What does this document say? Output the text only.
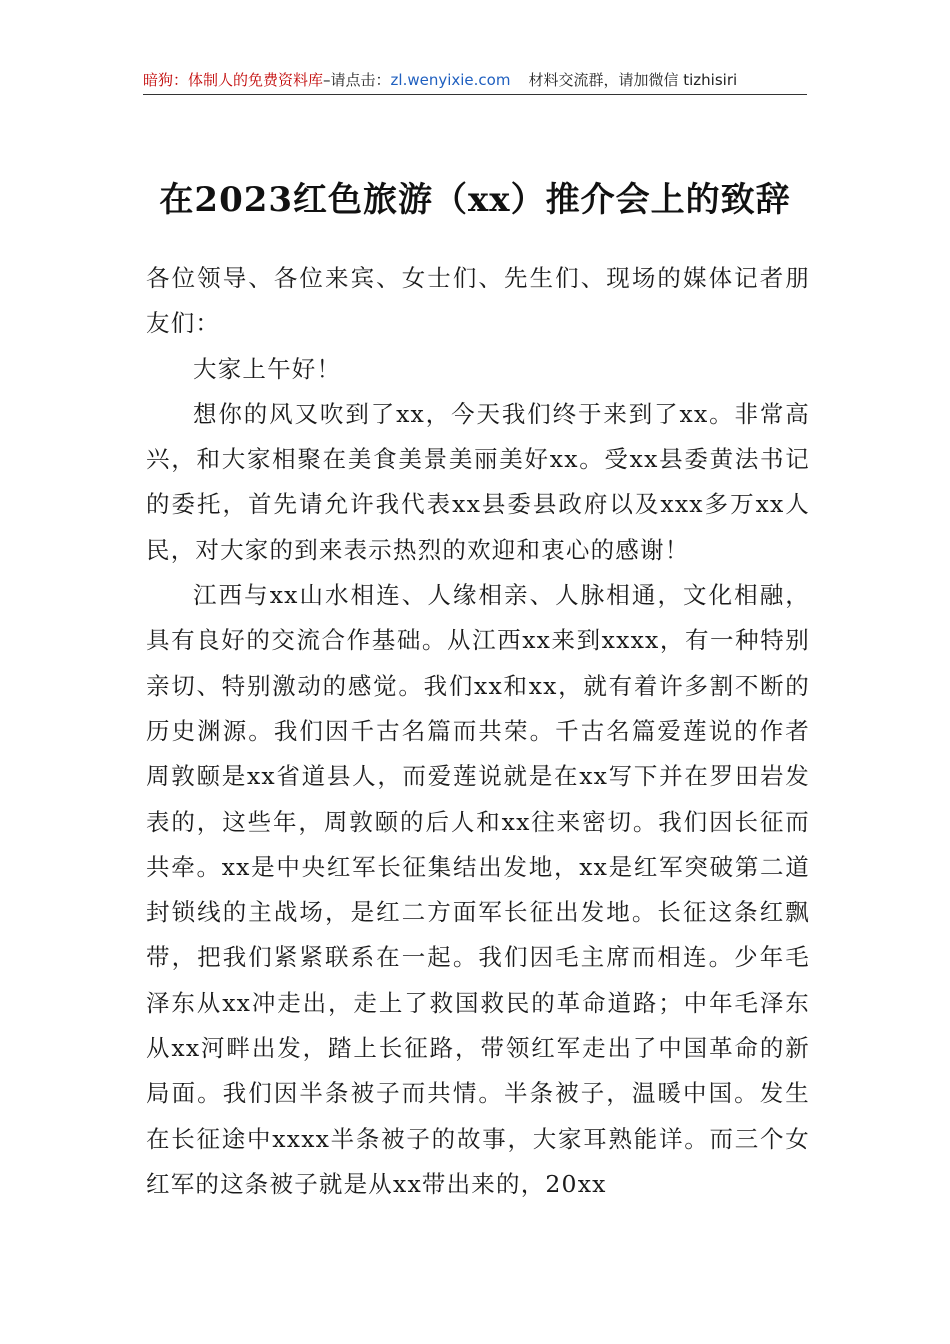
暗狗：体制人的免费资料库 –请点击： zl.wenyixie.com 材料交流群，请加微信 tizhisiri
在2023红色旅游（xx）推介会上的致辞

各位领导、各位来宾、女士们、先生们、现场的媒体记者朋友们：

大家上午好！

想你的风又吹到了xx，今天我们终于来到了xx。非常高兴，和大家相聚在美食美景美丽美好xx。受xx县委黄法书记的委托，首先请允许我代表xx县委县政府以及xxx多万xx人民，对大家的到来表示热烈的欢迎和衷心的感谢！

江西与xx山水相连、人缘相亲、人脉相通，文化相融，具有良好的交流合作基础。从江西xx来到xxxx，有一种特别亲切、特别激动的感觉。我们xx和xx，就有着许多割不断的历史渊源。我们因千古名篇而共荣。千古名篇爱莲说的作者周敦颐是xx省道县人，而爱莲说就是在xx写下并在罗田岩发表的，这些年，周敦颐的后人和xx往来密切。我们因长征而共牵。xx是中央红军长征集结出发地，xx是红军突破第二道封锁线的主战场，是红二方面军长征出发地。长征这条红飘带，把我们紧紧联系在一起。我们因毛主席而相连。少年毛泽东从xx冲走出，走上了救国救民的革命道路；中年毛泽东从xx河畔出发，踏上长征路，带领红军走出了中国革命的新局面。我们因半条被子而共情。半条被子，温暖中国。发生在长征途中xxxx半条被子的故事，大家耳熟能详。而三个女红军的这条被子就是从xx带出来的，20xx
